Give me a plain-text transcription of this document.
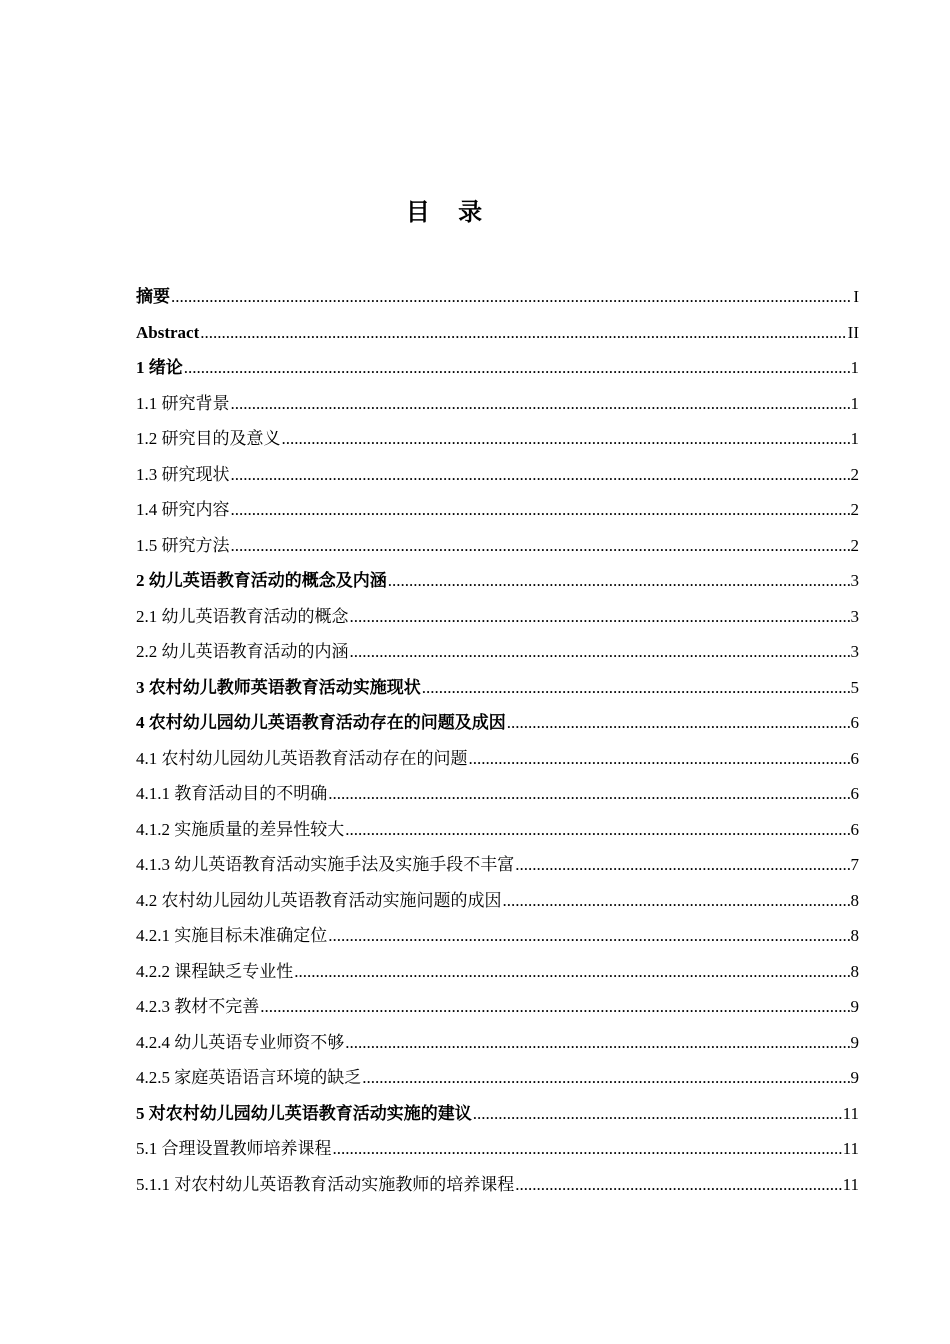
目 录
摘要 .....	I
Abstract .....	II
1 绪论 .....	1
1.1 研究背景 .....	1
1.2 研究目的及意义 .....	1
1.3 研究现状 .....	2
1.4 研究内容 .....	2
1.5 研究方法 .....	2
2 幼儿英语教育活动的概念及内涵 .....	3
2.1 幼儿英语教育活动的概念 .....	3
2.2 幼儿英语教育活动的内涵 .....	3
3 农村幼儿教师英语教育活动实施现状 .....	5
4 农村幼儿园幼儿英语教育活动存在的问题及成因 .....	6
4.1 农村幼儿园幼儿英语教育活动存在的问题 .....	6
4.1.1 教育活动目的不明确 .....	6
4.1.2 实施质量的差异性较大 .....	6
4.1.3 幼儿英语教育活动实施手法及实施手段不丰富 .....	7
4.2 农村幼儿园幼儿英语教育活动实施问题的成因 .....	8
4.2.1 实施目标未准确定位 .....	8
4.2.2 课程缺乏专业性 .....	8
4.2.3 教材不完善 .....	9
4.2.4 幼儿英语专业师资不够 .....	9
4.2.5 家庭英语语言环境的缺乏 .....	9
5 对农村幼儿园幼儿英语教育活动实施的建议 .....	11
5.1 合理设置教师培养课程 .....	11
5.1.1 对农村幼儿英语教育活动实施教师的培养课程 .....	11
